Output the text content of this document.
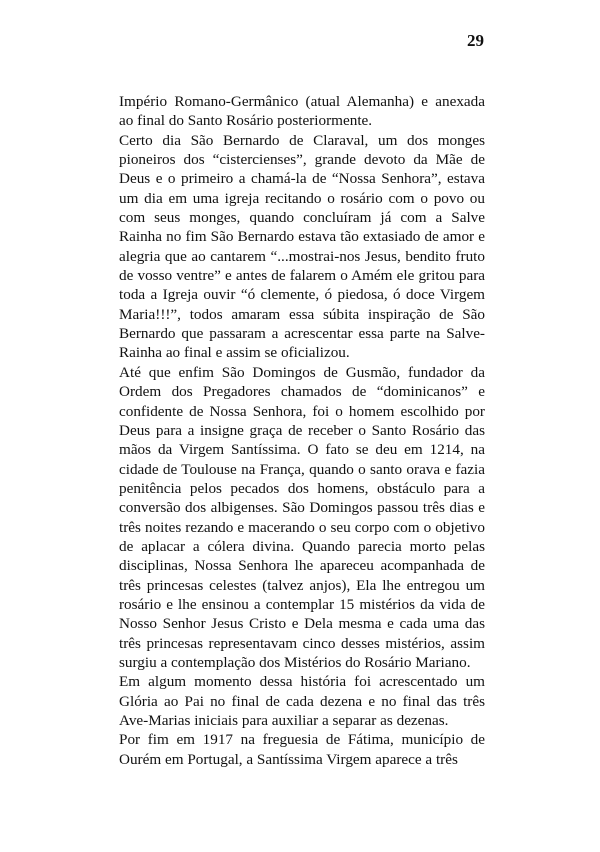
29

Império Romano-Germânico (atual Alemanha) e anexada ao final do Santo Rosário posteriormente.

Certo dia São Bernardo de Claraval, um dos monges pioneiros dos “cistercienses”, grande devoto da Mãe de Deus e o primeiro a chamá-la de “Nossa Senhora”, estava um dia em uma igreja recitando o rosário com o povo ou com seus monges, quando concluíram já com a Salve Rainha no fim São Bernardo estava tão extasiado de amor e alegria que ao cantarem “...mostrai-nos Jesus, bendito fruto de vosso ventre” e antes de falarem o Amém ele gritou para toda a Igreja ouvir “ó clemente, ó piedosa, ó doce Virgem Maria!!!”, todos amaram essa súbita inspiração de São Bernardo que passaram a acrescentar essa parte na Salve-Rainha ao final e assim se oficializou.

Até que enfim São Domingos de Gusmão, fundador da Ordem dos Pregadores chamados de “dominicanos” e confidente de Nossa Senhora, foi o homem escolhido por Deus para a insigne graça de receber o Santo Rosário das mãos da Virgem Santíssima. O fato se deu em 1214, na cidade de Toulouse na França, quando o santo orava e fazia penitência pelos pecados dos homens, obstáculo para a conversão dos albigenses. São Domingos passou três dias e três noites rezando e macerando o seu corpo com o objetivo de aplacar a cólera divina. Quando parecia morto pelas disciplinas, Nossa Senhora lhe apareceu acompanhada de três princesas celestes (talvez anjos), Ela lhe entregou um rosário e lhe ensinou a contemplar 15 mistérios da vida de Nosso Senhor Jesus Cristo e Dela mesma e cada uma das três princesas representavam cinco desses mistérios, assim surgiu a contemplação dos Mistérios do Rosário Mariano.

Em algum momento dessa história foi acrescentado um Glória ao Pai no final de cada dezena e no final das três Ave-Marias iniciais para auxiliar a separar as dezenas.

Por fim em 1917 na freguesia de Fátima, município de Ourém em Portugal, a Santíssima Virgem aparece a três
